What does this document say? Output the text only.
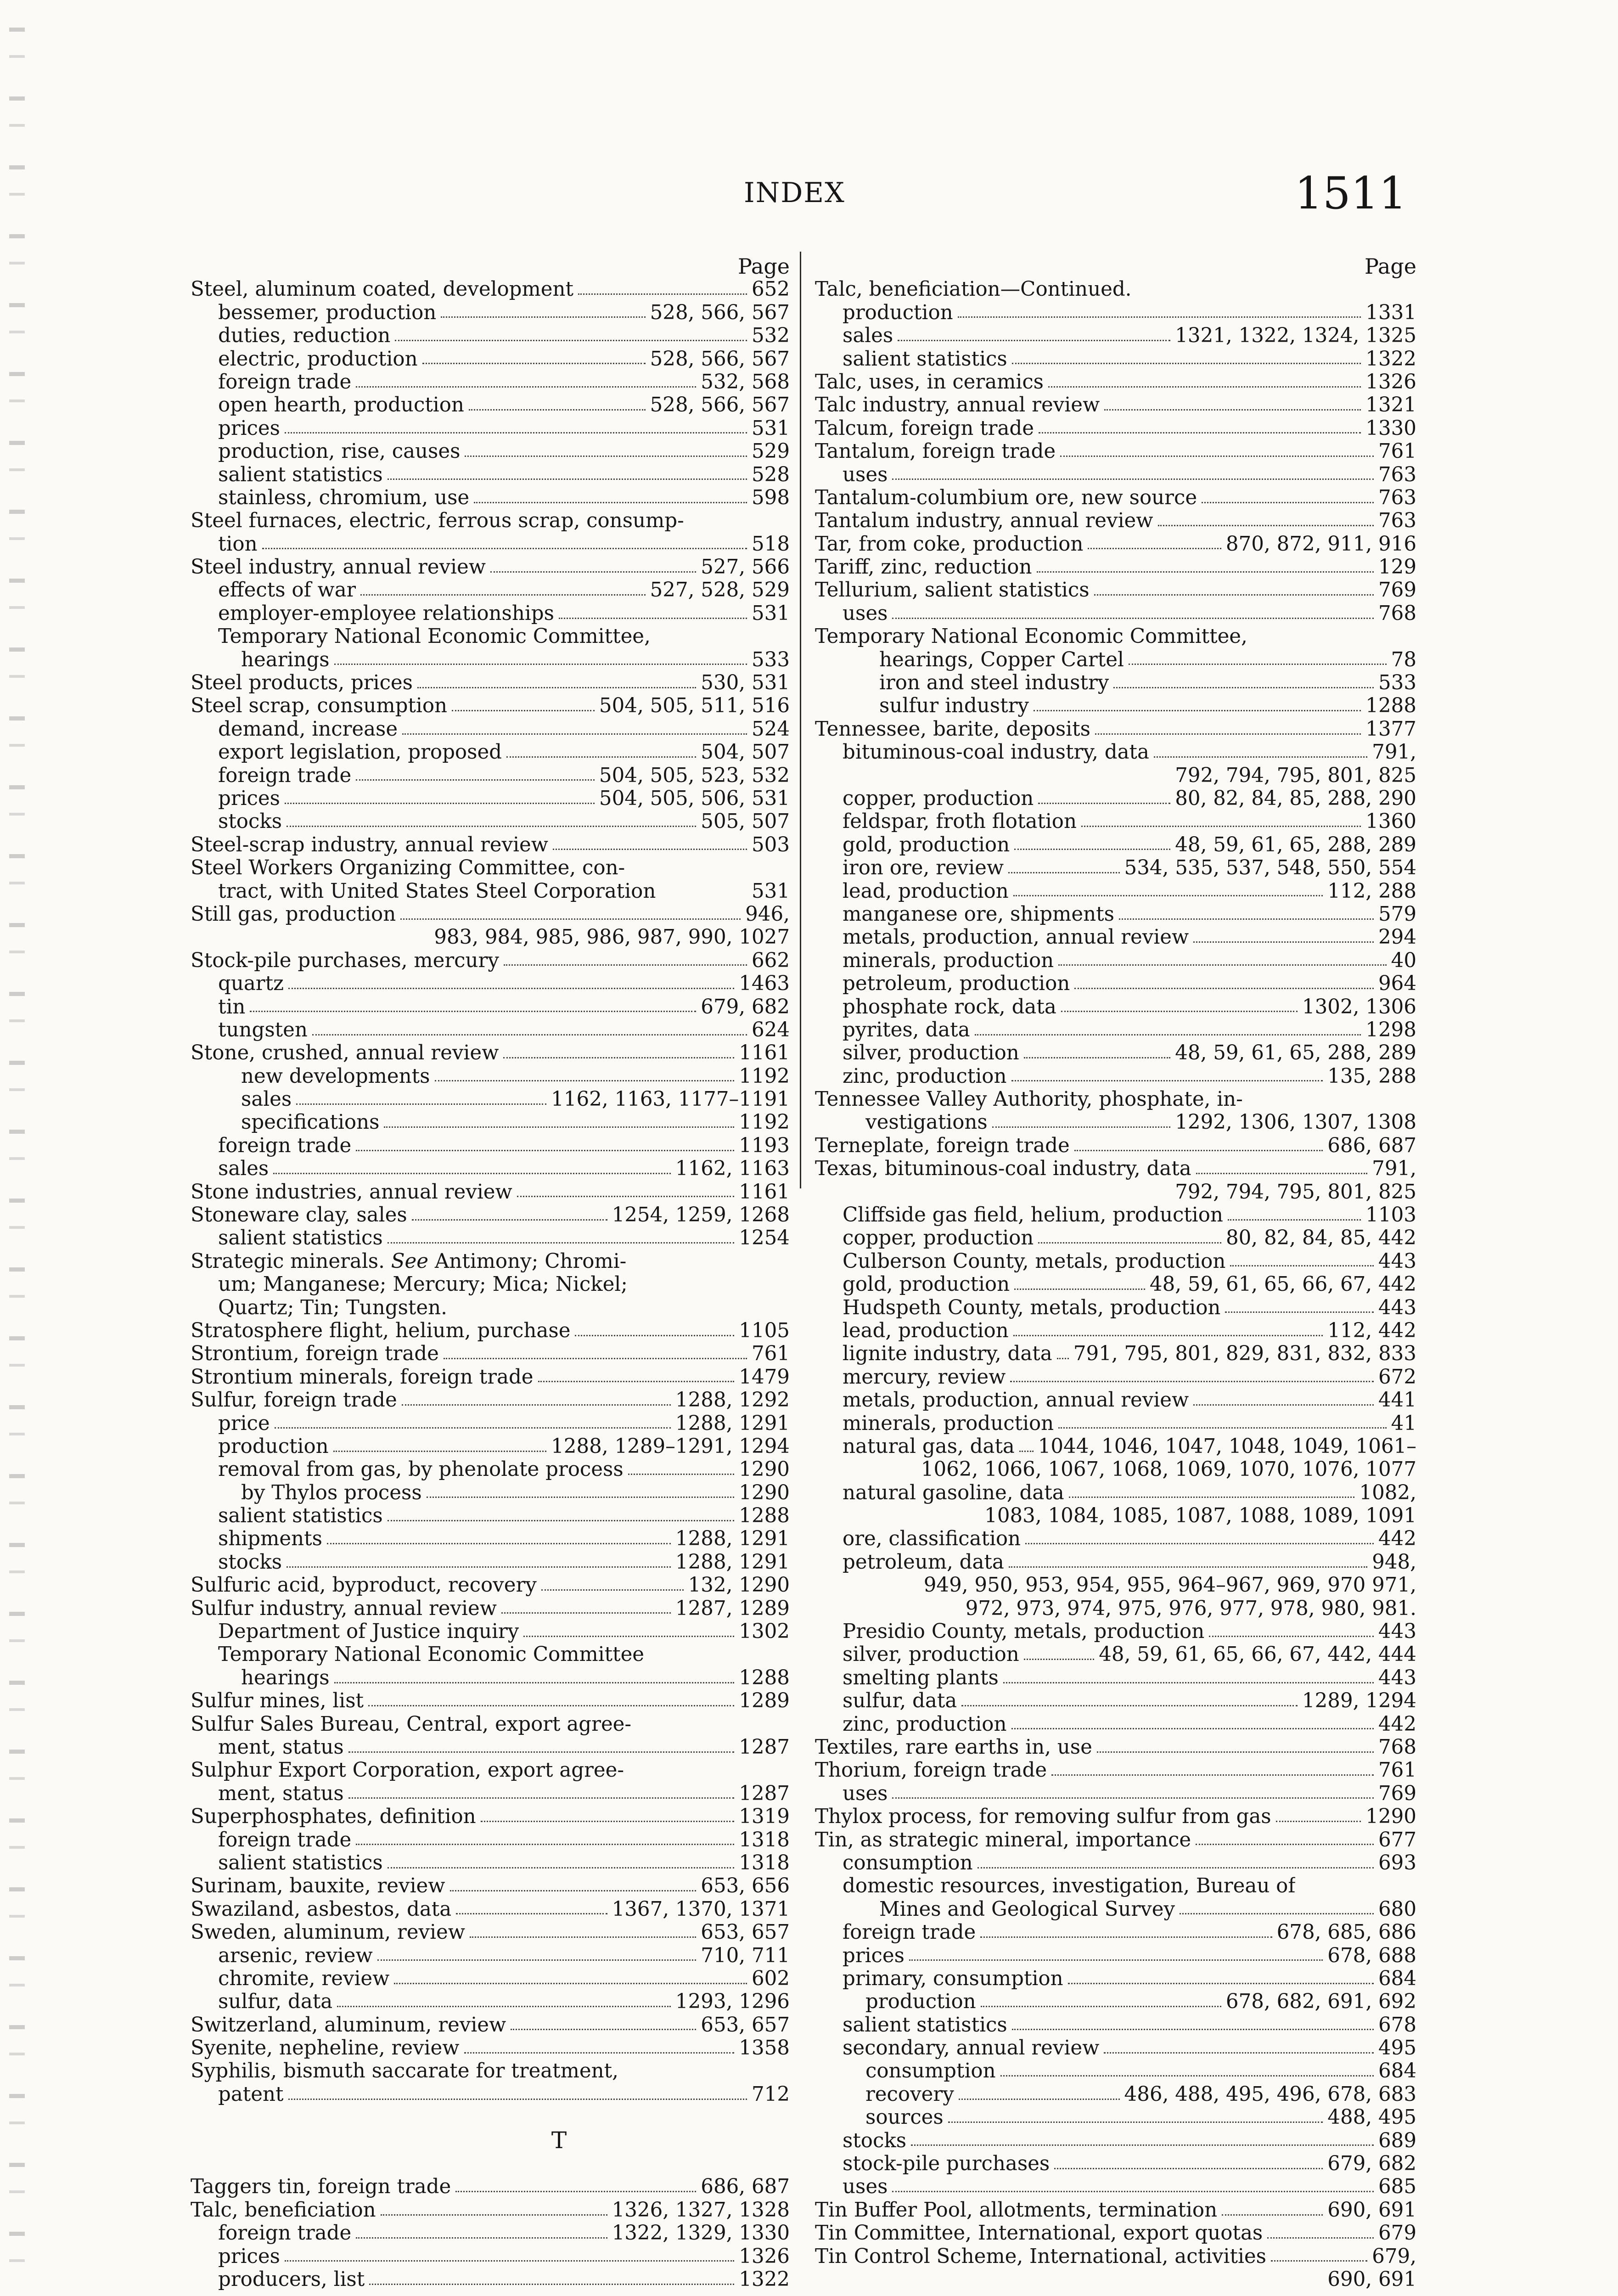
INDEX	1511
Page
Steel, aluminum coated, development	652
bessemer, production	528, 566, 567
duties, reduction	532
electric, production	528, 566, 567
foreign trade	532, 568
open hearth, production	528, 566, 567
prices	531
production, rise, causes	529
salient statistics	528
stainless, chromium, use	598
Steel furnaces, electric, ferrous scrap, consump-
tion	518
Steel industry, annual review	527, 566
effects of war	527, 528, 529
employer-employee relationships	531
Temporary National Economic Committee,
hearings	533
Steel products, prices	530, 531
Steel scrap, consumption	504, 505, 511, 516
demand, increase	524
export legislation, proposed	504, 507
foreign trade	504, 505, 523, 532
prices	504, 505, 506, 531
stocks	505, 507
Steel-scrap industry, annual review	503
Steel Workers Organizing Committee, con-
tract, with United States Steel Corporation	531
Still gas, production	946,
983, 984, 985, 986, 987, 990, 1027
Stock-pile purchases, mercury	662
quartz	1463
tin	679, 682
tungsten	624
Stone, crushed, annual review	1161
new developments	1192
sales	1162, 1163, 1177–1191
specifications	1192
foreign trade	1193
sales	1162, 1163
Stone industries, annual review	1161
Stoneware clay, sales	1254, 1259, 1268
salient statistics	1254
Strategic minerals. See Antimony; Chromi-
um; Manganese; Mercury; Mica; Nickel;
Quartz; Tin; Tungsten.
Stratosphere flight, helium, purchase	1105
Strontium, foreign trade	761
Strontium minerals, foreign trade	1479
Sulfur, foreign trade	1288, 1292
price	1288, 1291
production	1288, 1289–1291, 1294
removal from gas, by phenolate process	1290
by Thylos process	1290
salient statistics	1288
shipments	1288, 1291
stocks	1288, 1291
Sulfuric acid, byproduct, recovery	132, 1290
Sulfur industry, annual review	1287, 1289
Department of Justice inquiry	1302
Temporary National Economic Committee
hearings	1288
Sulfur mines, list	1289
Sulfur Sales Bureau, Central, export agree-
ment, status	1287
Sulphur Export Corporation, export agree-
ment, status	1287
Superphosphates, definition	1319
foreign trade	1318
salient statistics	1318
Surinam, bauxite, review	653, 656
Swaziland, asbestos, data	1367, 1370, 1371
Sweden, aluminum, review	653, 657
arsenic, review	710, 711
chromite, review	602
sulfur, data	1293, 1296
Switzerland, aluminum, review	653, 657
Syenite, nepheline, review	1358
Syphilis, bismuth saccarate for treatment,
patent	712
T
Taggers tin, foreign trade	686, 687
Talc, beneficiation	1326, 1327, 1328
foreign trade	1322, 1329, 1330
prices	1326
producers, list	1322
Page
Talc, beneficiation—Continued.
production	1331
sales	1321, 1322, 1324, 1325
salient statistics	1322
Talc, uses, in ceramics	1326
Talc industry, annual review	1321
Talcum, foreign trade	1330
Tantalum, foreign trade	761
uses	763
Tantalum-columbium ore, new source	763
Tantalum industry, annual review	763
Tar, from coke, production	870, 872, 911, 916
Tariff, zinc, reduction	129
Tellurium, salient statistics	769
uses	768
Temporary National Economic Committee,
hearings, Copper Cartel	78
iron and steel industry	533
sulfur industry	1288
Tennessee, barite, deposits	1377
bituminous-coal industry, data	791,
792, 794, 795, 801, 825
copper, production	80, 82, 84, 85, 288, 290
feldspar, froth flotation	1360
gold, production	48, 59, 61, 65, 288, 289
iron ore, review	534, 535, 537, 548, 550, 554
lead, production	112, 288
manganese ore, shipments	579
metals, production, annual review	294
minerals, production	40
petroleum, production	964
phosphate rock, data	1302, 1306
pyrites, data	1298
silver, production	48, 59, 61, 65, 288, 289
zinc, production	135, 288
Tennessee Valley Authority, phosphate, in-
vestigations	1292, 1306, 1307, 1308
Terneplate, foreign trade	686, 687
Texas, bituminous-coal industry, data	791,
792, 794, 795, 801, 825
Cliffside gas field, helium, production	1103
copper, production	80, 82, 84, 85, 442
Culberson County, metals, production	443
gold, production	48, 59, 61, 65, 66, 67, 442
Hudspeth County, metals, production	443
lead, production	112, 442
lignite industry, data 791, 795, 801, 829, 831, 832, 833
mercury, review	672
metals, production, annual review	441
minerals, production	41
natural gas, data 1044, 1046, 1047, 1048, 1049, 1061–
1062, 1066, 1067, 1068, 1069, 1070, 1076, 1077
natural gasoline, data	1082,
1083, 1084, 1085, 1087, 1088, 1089, 1091
ore, classification	442
petroleum, data	948,
949, 950, 953, 954, 955, 964–967, 969, 970 971,
972, 973, 974, 975, 976, 977, 978, 980, 981.
Presidio County, metals, production	443
silver, production	48, 59, 61, 65, 66, 67, 442, 444
smelting plants	443
sulfur, data	1289, 1294
zinc, production	442
Textiles, rare earths in, use	768
Thorium, foreign trade	761
uses	769
Thylox process, for removing sulfur from gas	1290
Tin, as strategic mineral, importance	677
consumption	693
domestic resources, investigation, Bureau of
Mines and Geological Survey	680
foreign trade	678, 685, 686
prices	678, 688
primary, consumption	684
production	678, 682, 691, 692
salient statistics	678
secondary, annual review	495
consumption	684
recovery	486, 488, 495, 496, 678, 683
sources	488, 495
stocks	689
stock-pile purchases	679, 682
uses	685
Tin Buffer Pool, allotments, termination	690, 691
Tin Committee, International, export quotas	679
Tin Control Scheme, International, activities	679,
690, 691
